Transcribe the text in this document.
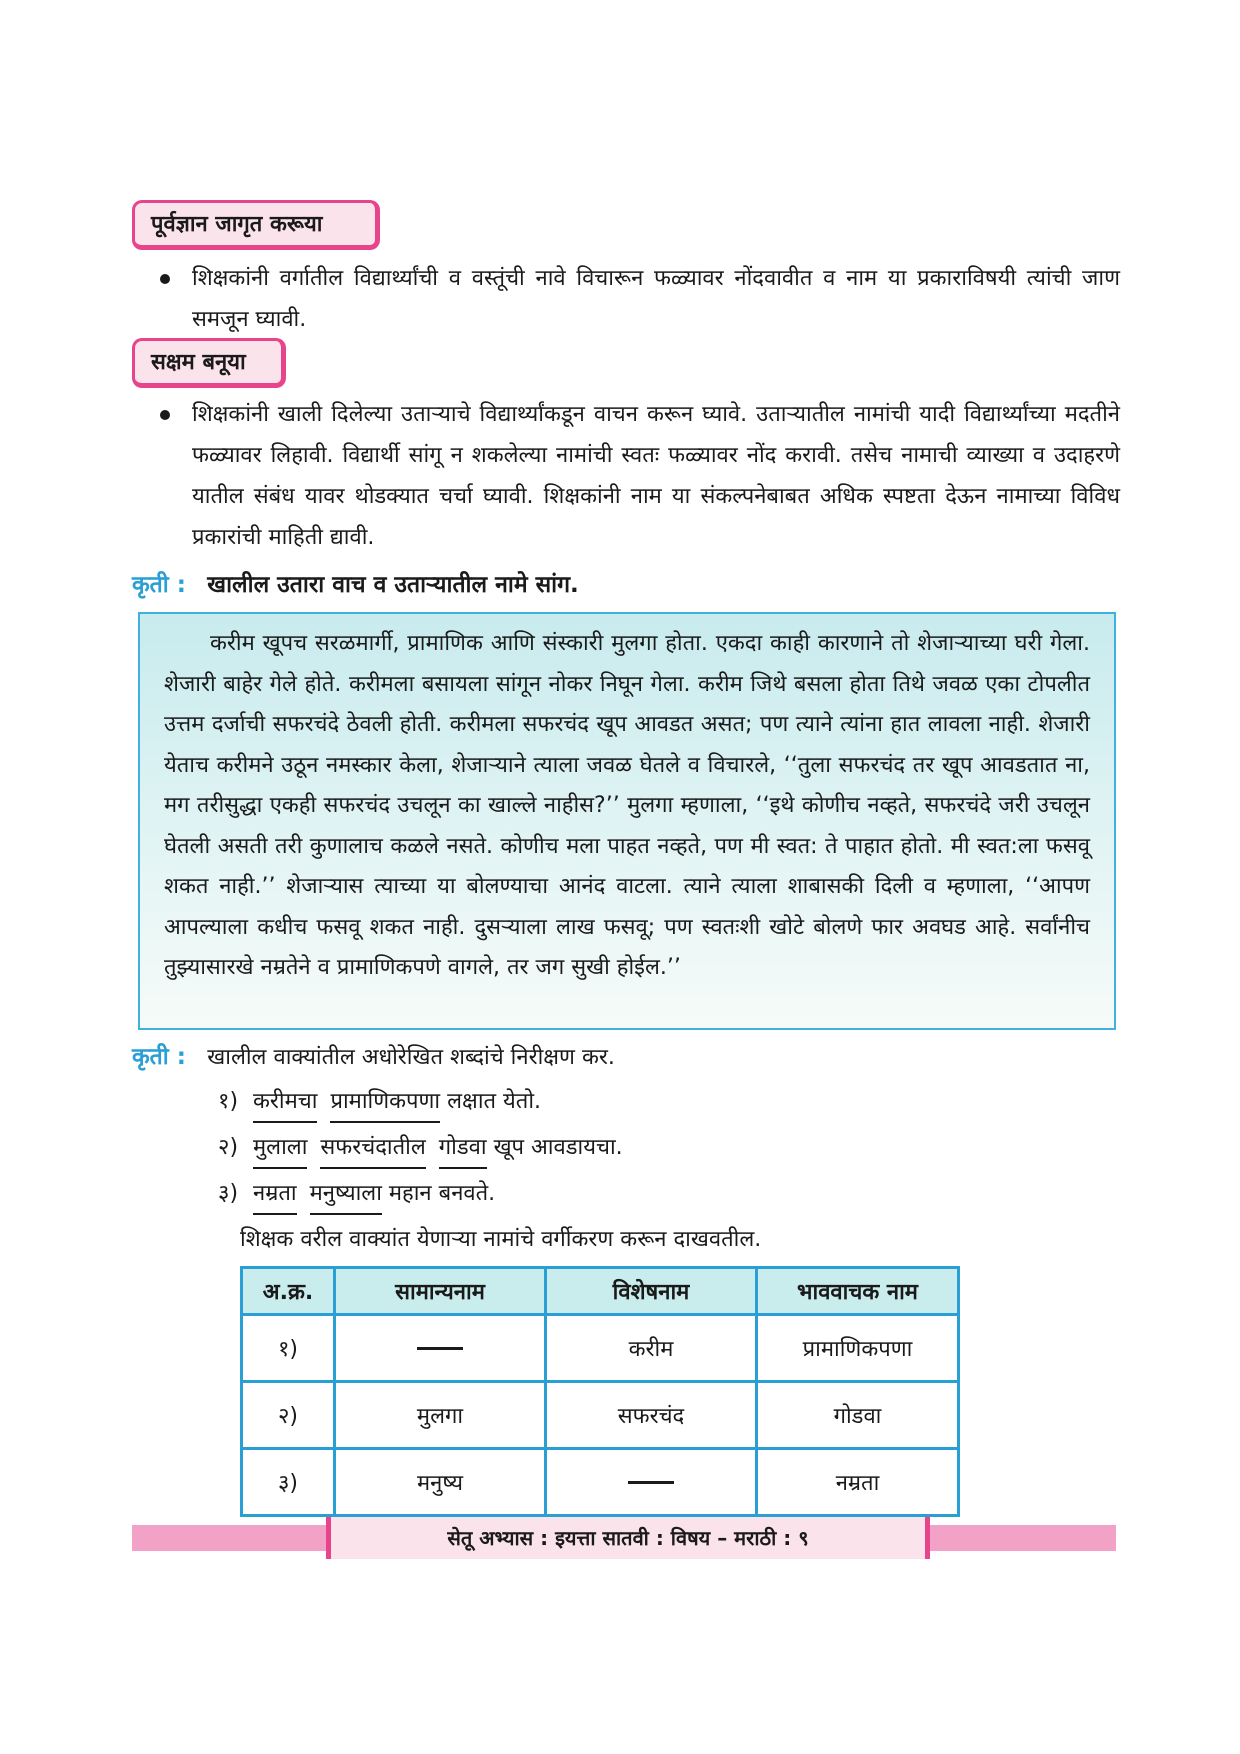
पूर्वज्ञान जागृत करूया
शिक्षकांनी वर्गातील विद्यार्थ्यांची व वस्तूंची नावे विचारून फळ्यावर नोंदवावीत व नाम या प्रकाराविषयी त्यांची जाण समजून घ्यावी.
सक्षम बनूया
शिक्षकांनी खाली दिलेल्या उताऱ्याचे विद्यार्थ्यांकडून वाचन करून घ्यावे. उताऱ्यातील नामांची यादी विद्यार्थ्यांच्या मदतीने फळ्यावर लिहावी. विद्यार्थी सांगू न शकलेल्या नामांची स्वतः फळ्यावर नोंद करावी. तसेच नामाची व्याख्या व उदाहरणे यातील संबंध यावर थोडक्यात चर्चा घ्यावी. शिक्षकांनी नाम या संकल्पनेबाबत अधिक स्पष्टता देऊन नामाच्या विविध प्रकारांची माहिती द्यावी.
कृती : खालील उतारा वाच व उताऱ्यातील नामे सांग.
करीम खूपच सरळमार्गी, प्रामाणिक आणि संस्कारी मुलगा होता. एकदा काही कारणाने तो शेजाऱ्याच्या घरी गेला. शेजारी बाहेर गेले होते. करीमला बसायला सांगून नोकर निघून गेला. करीम जिथे बसला होता तिथे जवळ एका टोपलीत उत्तम दर्जाची सफरचंदे ठेवली होती. करीमला सफरचंद खूप आवडत असत; पण त्याने त्यांना हात लावला नाही. शेजारी येताच करीमने उठून नमस्कार केला, शेजाऱ्याने त्याला जवळ घेतले व विचारले, ‘‘तुला सफरचंद तर खूप आवडतात ना, मग तरीसुद्धा एकही सफरचंद उचलून का खाल्ले नाहीस?’’ मुलगा म्हणाला, ‘‘इथे कोणीच नव्हते, सफरचंदे जरी उचलून घेतली असती तरी कुणालाच कळले नसते. कोणीच मला पाहत नव्हते, पण मी स्वत: ते पाहात होतो. मी स्वत:ला फसवू शकत नाही.’’ शेजाऱ्यास त्याच्या या बोलण्याचा आनंद वाटला. त्याने त्याला शाबासकी दिली व म्हणाला, ‘‘आपण आपल्याला कधीच फसवू शकत नाही. दुसऱ्याला लाख फसवू; पण स्वतःशी खोटे बोलणे फार अवघड आहे. सर्वांनीच तुझ्यासारखे नम्रतेने व प्रामाणिकपणे वागले, तर जग सुखी होईल.’’
कृती : खालील वाक्यांतील अधोरेखित शब्दांचे निरीक्षण कर.
१) करीमचा प्रामाणिकपणा लक्षात येतो.
२) मुलाला सफरचंदातील गोडवा खूप आवडायचा.
३) नम्रता मनुष्याला महान बनवते.
शिक्षक वरील वाक्यांत येणाऱ्या नामांचे वर्गीकरण करून दाखवतील.
अ.क्र.	सामान्यनाम	विशेषनाम	भाववाचक नाम
१)		करीम	प्रामाणिकपणा
२)	मुलगा	सफरचंद	गोडवा
३)	मनुष्य		नम्रता
सेतू अभ्यास : इयत्ता सातवी : विषय – मराठी : ९
